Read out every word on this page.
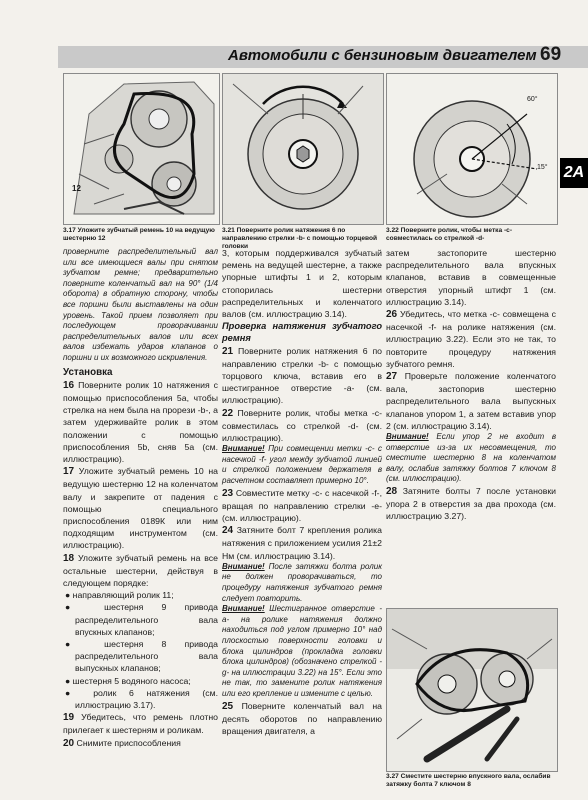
Автомобили с бензиновым двигателем 69
2A
12
3.17 Уложите зубчатый ремень 10 на ведущую шестерню 12
3.21 Поверните ролик натяжения 6 по направлению стрелки -b- с помощью торцевой головки
60°
15°
3.22 Поверните ролик, чтобы метка -c- совместилась со стрелкой -d-

проверните распределительный вал или все имеющиеся валы при снятом зубчатом ремне; предварительно поверните коленчатый вал на 90° (1/4 оборота) в обратную сторону, чтобы все поршни были выставлены на один уровень. Такой прием позволяет при последующем проворачивании распределительных валов или всех валов избежать ударов клапанов о поршни и их возможного искривления.

Установка

16 Поверните ролик 10 натяжения с помощью приспособления 5а, чтобы стрелка на нем была на прорези -b-, а затем удерживайте ролик в этом положении с помощью приспособления 5b, сняв 5а (см. иллюстрацию).

17 Уложите зубчатый ремень 10 на ведущую шестерню 12 на коленчатом валу и закрепите от падения с помощью специального приспособления 0189К или ним подходящим инструментом (см. иллюстрацию).

18 Уложите зубчатый ремень на все остальные шестерни, действуя в следующем порядке:

● направляющий ролик 11;

● шестерня 9 привода распределительного вала впускных клапанов;

● шестерня 8 привода распределительного вала выпускных клапанов;

● шестерня 5 водяного насоса;

● ролик 6 натяжения (см. иллюстрацию 3.17).

19 Убедитесь, что ремень плотно прилегает к шестерням и роликам.

20 Снимите приспособления

3, которым поддерживался зубчатый ремень на ведущей шестерне, а также упорные штифты 1 и 2, которым стопорилась шестерни распределительных и коленчатого валов (см. иллюстрацию 3.14).

Проверка натяжения зубчатого ремня

21 Поверните ролик натяжения 6 по направлению стрелки -b- с помощью торцового ключа, вставив его в шестигранное отверстие -a- (см. иллюстрацию).

22 Поверните ролик, чтобы метка -c- совместилась со стрелкой -d- (см. иллюстрацию).

Внимание! При совмещении метки -c- с насечкой -f- угол между зубчатой линией и стрелкой положением держателя в расчетном составляет примерно 10°.

23 Совместите метку -c- с насечкой -f-, вращая по направлению стрелки -e- (см. иллюстрацию).

24 Затяните болт 7 крепления ролика натяжения с приложением усилия 21±2 Нм (см. иллюстрацию 3.14).

Внимание! После затяжки болта ролик не должен проворачиваться, то процедуру натяжения зубчатого ремня следует повторить.

Внимание! Шестигранное отверстие -a- на ролике натяжения должно находиться под углом примерно 10° над плоскостью поверхности головки и блока цилиндров (прокладка головки блока цилиндров) (обозначено стрелкой -g- на иллюстрации 3.22) на 15°. Если это не так, то замените ролик натяжения или его крепление и измените с целью.

25 Поверните коленчатый вал на десять оборотов по направлению вращения двигателя, а

затем застопорите шестерню распределительного вала впускных клапанов, вставив в совмещенные отверстия упорный штифт 1 (см. иллюстрацию 3.14).

26 Убедитесь, что метка -c- совмещена с насечкой -f- на ролике натяжения (см. иллюстрацию 3.22). Если это не так, то повторите процедуру натяжения зубчатого ремня.

27 Проверьте положение коленчатого вала, застопорив шестерню распределительного вала выпускных клапанов упором 1, а затем вставив упор 2 (см. иллюстрацию 3.14).

Внимание! Если упор 2 не входит в отверстие из-за их несовмещения, то сместите шестерню 8 на коленчатом валу, ослабив затяжку болтов 7 ключом 8 (см. иллюстрацию).

28 Затяните болты 7 после установки упора 2 в отверстия за два прохода (см. иллюстрацию 3.27).

3.27 Сместите шестерню впускного вала, ослабив затяжку болта 7 ключом 8
